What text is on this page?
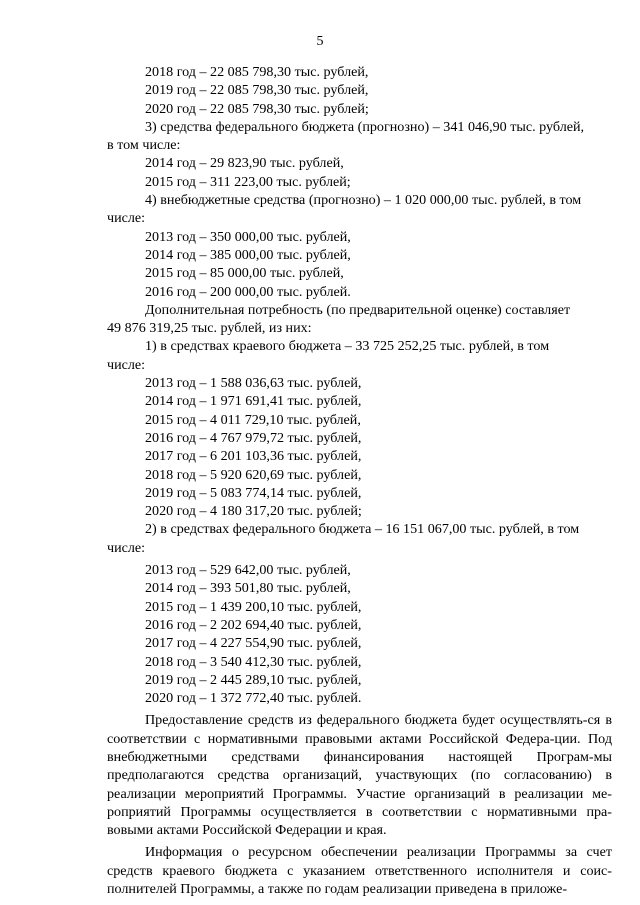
5
2018 год – 22 085 798,30 тыс. рублей,
2019 год – 22 085 798,30 тыс. рублей,
2020 год – 22 085 798,30 тыс. рублей;
3) средства федерального бюджета (прогнозно) – 341 046,90 тыс. рублей,
в том числе:
2014 год – 29 823,90 тыс. рублей,
2015 год – 311 223,00 тыс. рублей;
4) внебюджетные средства (прогнозно) – 1 020 000,00 тыс. рублей, в том
числе:
2013 год – 350 000,00 тыс. рублей,
2014 год – 385 000,00 тыс. рублей,
2015 год – 85 000,00 тыс. рублей,
2016 год – 200 000,00 тыс. рублей.
Дополнительная потребность (по предварительной оценке) составляет
49 876 319,25 тыс. рублей, из них:
1) в средствах краевого бюджета – 33 725 252,25 тыс. рублей, в том
числе:
2013 год – 1 588 036,63 тыс. рублей,
2014 год – 1 971 691,41 тыс. рублей,
2015 год – 4 011 729,10 тыс. рублей,
2016 год – 4 767 979,72 тыс. рублей,
2017 год – 6 201 103,36 тыс. рублей,
2018 год – 5 920 620,69 тыс. рублей,
2019 год – 5 083 774,14 тыс. рублей,
2020 год – 4 180 317,20 тыс. рублей;
2) в средствах федерального бюджета – 16 151 067,00 тыс. рублей, в том
числе:
2013 год – 529 642,00 тыс. рублей,
2014 год – 393 501,80 тыс. рублей,
2015 год – 1 439 200,10 тыс. рублей,
2016 год – 2 202 694,40 тыс. рублей,
2017 год – 4 227 554,90 тыс. рублей,
2018 год – 3 540 412,30 тыс. рублей,
2019 год – 2 445 289,10 тыс. рублей,
2020 год – 1 372 772,40 тыс. рублей.

Предоставление средств из федерального бюджета будет осуществлять-ся в соответствии с нормативными правовыми актами Российской Федера-ции. Под внебюджетными средствами финансирования настоящей Програм-мы предполагаются средства организаций, участвующих (по согласованию) в реализации мероприятий Программы. Участие организаций в реализации ме-роприятий Программы осуществляется в соответствии с нормативными пра-вовыми актами Российской Федерации и края.

Информация о ресурсном обеспечении реализации Программы за счет средств краевого бюджета с указанием ответственного исполнителя и соис-полнителей Программы, а также по годам реализации приведена в приложе-
